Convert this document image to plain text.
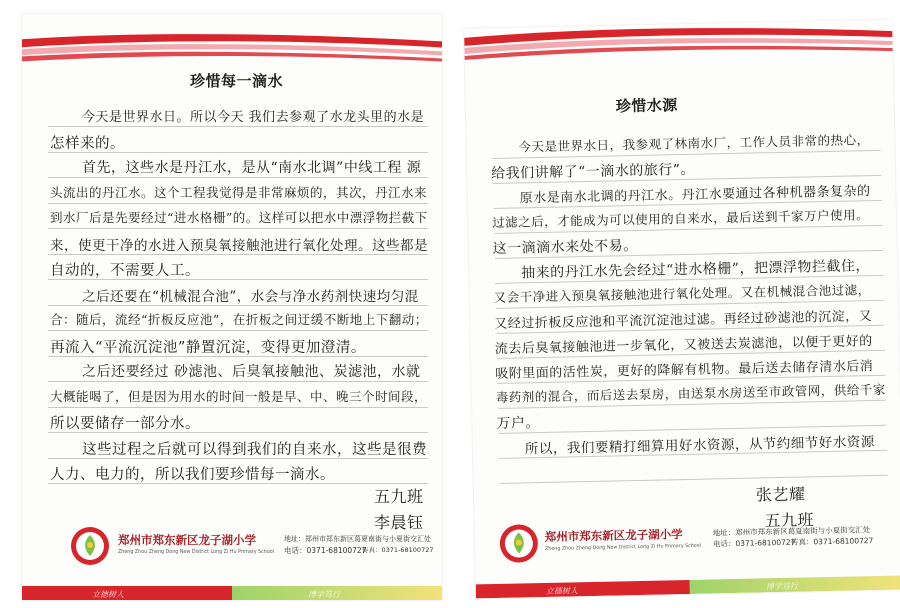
珍惜每一滴水
今天是世界水日。所以今天 我们去参观了水龙头里的水是
怎样来的。
首先，这些水是丹江水，是从“南水北调”中线工程 源
头流出的丹江水。这个工程我觉得是非常麻烦的，其次，丹江水来
到水厂后是先要经过“进水格栅”的。这样可以把水中漂浮物拦截下
来，使更干净的水进入预臭氧接触池进行氧化处理。这些都是
自动的，不需要人工。
之后还要在“机械混合池”，水会与净水药剂快速均匀混
合：随后，流经“折板反应池”，在折板之间迂缓不断地上下翻动；
再流入“平流沉淀池”静置沉淀，变得更加澄清。
之后还要经过 砂滤池、后臭氧接触池、炭滤池，水就
大概能喝了，但是因为用水的时间一般是早、中、晚三个时间段，
所以要储存一部分水。
这些过程之后就可以得到我们的自来水，这些是很费
人力、电力的，所以我们要珍惜每一滴水。
五九班
李晨钰
郑州市郑东新区龙子湖小学
Zheng Zhou Zheng Dong New District Long Zi Hu Primary School
地址：郑州市郑东新区葛夏南街与小夏街交汇处
电话：0371-68100727
传真：0371-68100727
立德树人	博学笃行
珍惜水源
今天是世界水日，我参观了林南水厂，工作人员非常的热心，
给我们讲解了“一滴水的旅行”。
原水是南水北调的丹江水。丹江水要通过各种机器条复杂的
过滤之后，才能成为可以使用的自来水，最后送到千家万户使用。
这一滴滴水来处不易。
抽来的丹江水先会经过“进水格栅”，把漂浮物拦截住，
又会干净进入预臭氧接触池进行氧化处理。又在机械混合池过滤，
又经过折板反应池和平流沉淀池过滤。再经过砂滤池的沉淀，又
流去后臭氧接触池进一步氧化，又被送去炭滤池，以便于更好的
吸附里面的活性炭，更好的降解有机物。最后送去储存清水后消
毒药剂的混合，而后送去泵房，由送泵水房送至市政管网，供给千家
万户。
所以，我们要精打细算用好水资源，从节约细节好水资源
张艺耀
五九班
郑州市郑东新区龙子湖小学
Zheng Zhou Zheng Dong New District Long Zi Hu Primary School
地址：郑州市郑东新区葛夏南街与小夏街交汇处
电话：0371-68100727
传真：0371-68100727
立德树人	博学笃行
